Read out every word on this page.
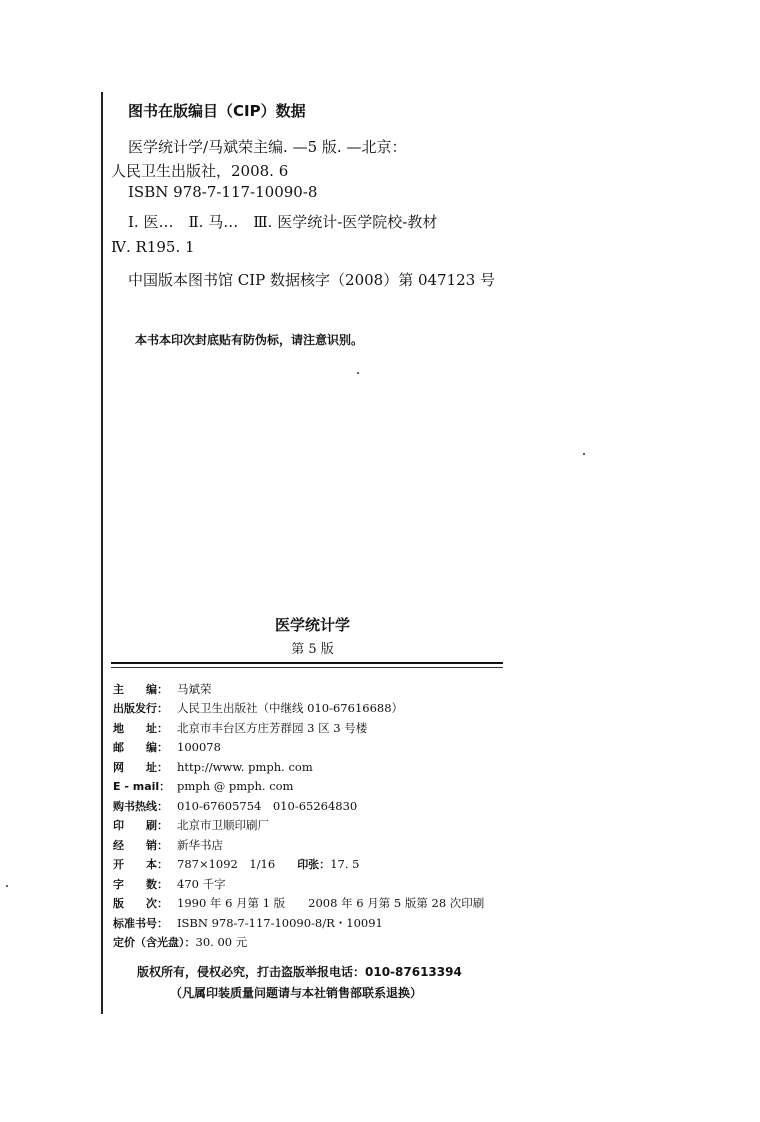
图书在版编目（CIP）数据
医学统计学/马斌荣主编. —5 版. —北京：
人民卫生出版社，2008. 6
ISBN 978-7-117-10090-8
Ⅰ. 医…　Ⅱ. 马…　Ⅲ. 医学统计-医学院校-教材
Ⅳ. R195. 1
中国版本图书馆 CIP 数据核字（2008）第 047123 号
本书本印次封底贴有防伪标，请注意识别。
医学统计学
第 5 版
主　　编： 马斌荣
出版发行： 人民卫生出版社（中继线 010-67616688）
地　　址： 北京市丰台区方庄芳群园 3 区 3 号楼
邮　　编： 100078
网　　址： http://www. pmph. com
E - mail： pmph @ pmph. com
购书热线： 010-67605754　010-65264830
印　　刷： 北京市卫顺印刷厂
经　　销： 新华书店
开　　本： 787×1092　1/16 印张： 17. 5
字　　数： 470 千字
版　　次： 1990 年 6 月第 1 版　　2008 年 6 月第 5 版第 28 次印刷
标准书号： ISBN 978-7-117-10090-8/R・10091
定价（含光盘）： 30. 00 元
版权所有，侵权必究，打击盗版举报电话：010-87613394
（凡属印装质量问题请与本社销售部联系退换）
